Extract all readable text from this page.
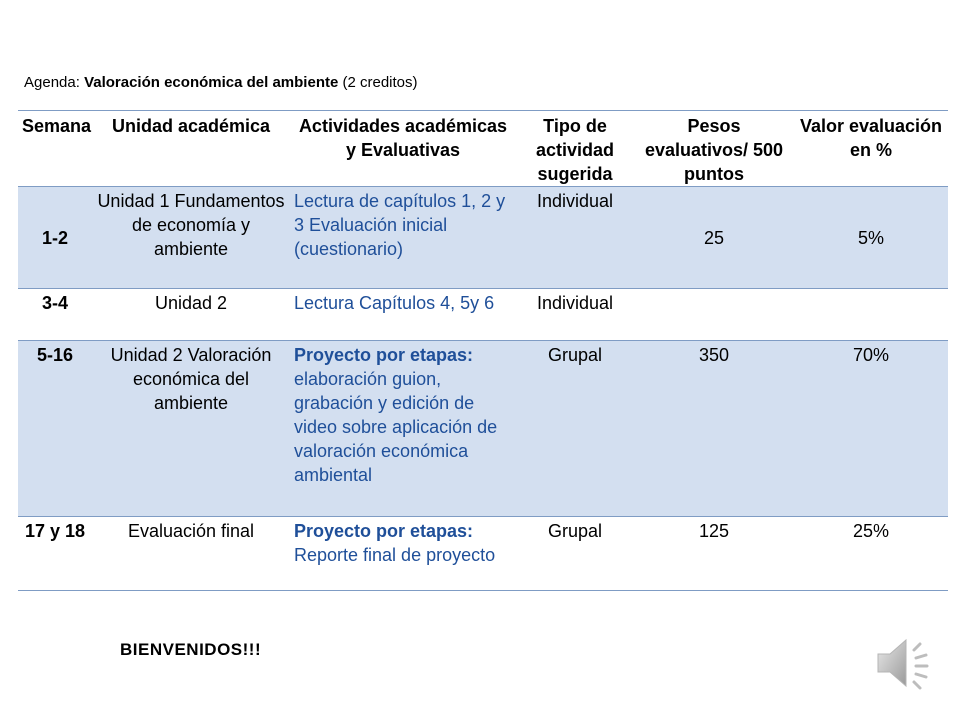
Agenda: Valoración económica del ambiente (2 creditos)
Semana	Unidad académica	Actividades académicas y Evaluativas	Tipo de actividad sugerida	Pesos evaluativos/ 500 puntos	Valor evaluación en %
1-2	Unidad 1 Fundamentos de economía y ambiente	Lectura de capítulos 1, 2 y 3 Evaluación inicial (cuestionario)	Individual	25	5%
3-4	Unidad 2	Lectura Capítulos 4, 5y 6	Individual		
5-16	Unidad 2 Valoración económica del ambiente	Proyecto por etapas: elaboración guion, grabación y edición de video sobre aplicación de valoración económica ambiental	Grupal	350	70%
17 y 18	Evaluación final	Proyecto por etapas: Reporte final de proyecto	Grupal	125	25%
BIENVENIDOS!!!
